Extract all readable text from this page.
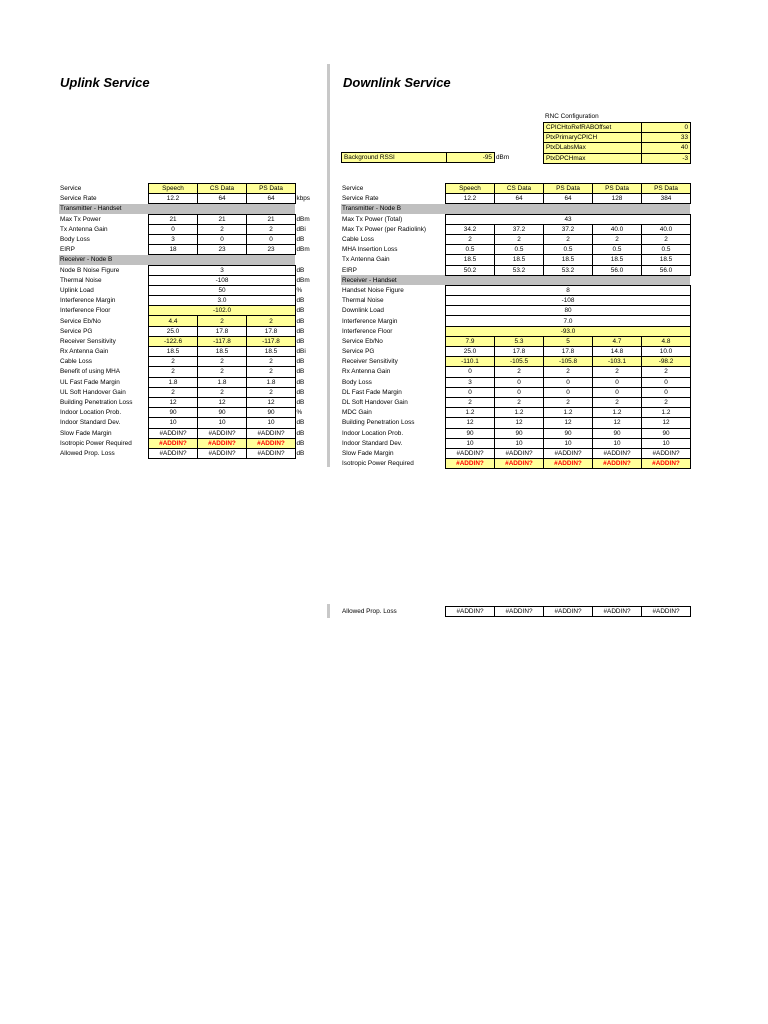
Uplink Service	Downlink Service
RNC Configuration
CPICHtoRefRABOffset	0
PtxPrimaryCPICH	33
PtxDLabsMax	40
PtxDPCHmax	-3
Background RSSI	-95	dBm
Service	Speech	CS Data	PS Data	
Service Rate	12.2	64	64	kbps
Transmitter - Handset				
Max Tx Power	21	21	21	dBm
Tx Antenna Gain	0	2	2	dBi
Body Loss	3	0	0	dB
EIRP	18	23	23	dBm
Receiver - Node B				
Node B Noise Figure	3			dB
Thermal Noise	-108			dBm
Uplink Load	50			%
Interference Margin	3.0			dB
Interference Floor	-102.0			dB
Service Eb/No	4.4	2	2	dB
Service PG	25.0	17.8	17.8	dB
Receiver Sensitivity	-122.6	-117.8	-117.8	dB
Rx Antenna Gain	18.5	18.5	18.5	dBi
Cable Loss	2	2	2	dB
Benefit of using MHA	2	2	2	dB
UL Fast Fade Margin	1.8	1.8	1.8	dB
UL Soft Handover Gain	2	2	2	dB
Building Penetration Loss	12	12	12	dB
Indoor Location Prob.	90	90	90	%
Indoor Standard Dev.	10	10	10	dB
Slow Fade Margin	#ADDIN?	#ADDIN?	#ADDIN?	dB
Isotropic Power Required	#ADDIN?	#ADDIN?	#ADDIN?	dB
Allowed Prop. Loss	#ADDIN?	#ADDIN?	#ADDIN?	dB
Service	Speech	CS Data	PS Data	PS Data	PS Data
Service Rate	12.2	64	64	128	384
Transmitter - Node B					
Max Tx Power (Total)	43				
Max Tx Power (per Radiolink)	34.2	37.2	37.2	40.0	40.0
Cable Loss	2	2	2	2	2
MHA Insertion Loss	0.5	0.5	0.5	0.5	0.5
Tx Antenna Gain	18.5	18.5	18.5	18.5	18.5
EIRP	50.2	53.2	53.2	56.0	56.0
Receiver - Handset					
Handset Noise Figure	8				
Thermal Noise	-108				
Downlink Load	80				
Interference Margin	7.0				
Interference Floor	-93.0				
Service Eb/No	7.9	5.3	5	4.7	4.8
Service PG	25.0	17.8	17.8	14.8	10.0
Receiver Sensitivity	-110.1	-105.5	-105.8	-103.1	-98.2
Rx Antenna Gain	0	2	2	2	2
Body Loss	3	0	0	0	0
DL Fast Fade Margin	0	0	0	0	0
DL Soft Handover Gain	2	2	2	2	2
MDC Gain	1.2	1.2	1.2	1.2	1.2
Building Penetration Loss	12	12	12	12	12
Indoor Location Prob.	90	90	90	90	90
Indoor Standard Dev.	10	10	10	10	10
Slow Fade Margin	#ADDIN?	#ADDIN?	#ADDIN?	#ADDIN?	#ADDIN?
Isotropic Power Required	#ADDIN?	#ADDIN?	#ADDIN?	#ADDIN?	#ADDIN?
Allowed Prop. Loss	#ADDIN?	#ADDIN?	#ADDIN?	#ADDIN?	#ADDIN?
